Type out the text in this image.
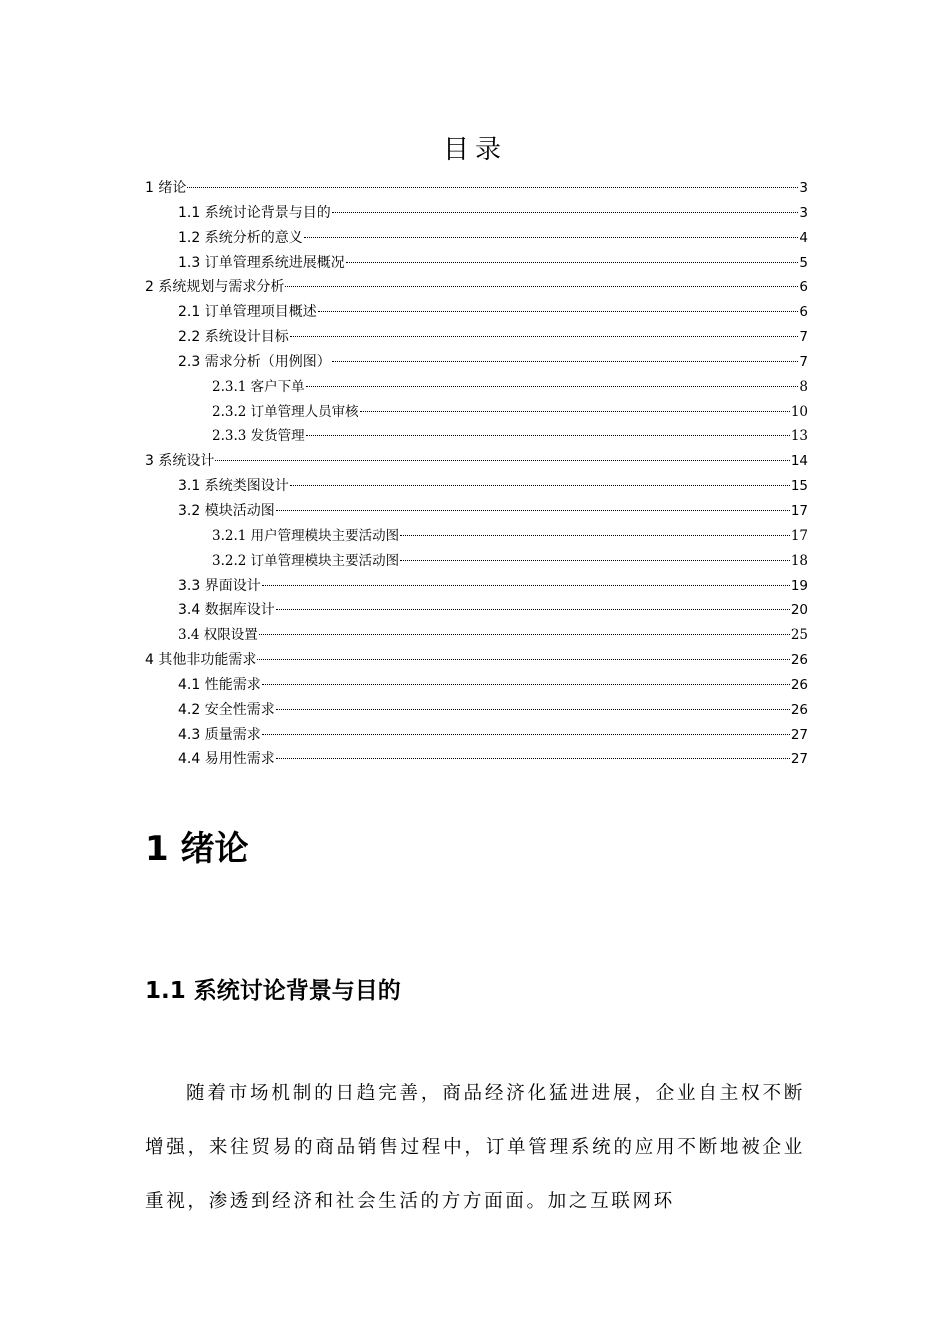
目录
1 绪论	3
1.1 系统讨论背景与目的	3
1.2 系统分析的意义	4
1.3 订单管理系统进展概况	5
2 系统规划与需求分析	6
2.1 订单管理项目概述	6
2.2 系统设计目标	7
2.3 需求分析（用例图）	7
2.3.1 客户下单	8
2.3.2 订单管理人员审核	10
2.3.3 发货管理	13
3 系统设计	14
3.1 系统类图设计	15
3.2 模块活动图	17
3.2.1 用户管理模块主要活动图	17
3.2.2 订单管理模块主要活动图	18
3.3 界面设计	19
3.4 数据库设计	20
3.4 权限设置	25
4 其他非功能需求	26
4.1 性能需求	26
4.2 安全性需求	26
4.3 质量需求	27
4.4 易用性需求	27
1 绪论
1.1 系统讨论背景与目的

随着市场机制的日趋完善，商品经济化猛进进展，企业自主权不断增强，来往贸易的商品销售过程中，订单管理系统的应用不断地被企业重视，渗透到经济和社会生活的方方面面。加之互联网环
